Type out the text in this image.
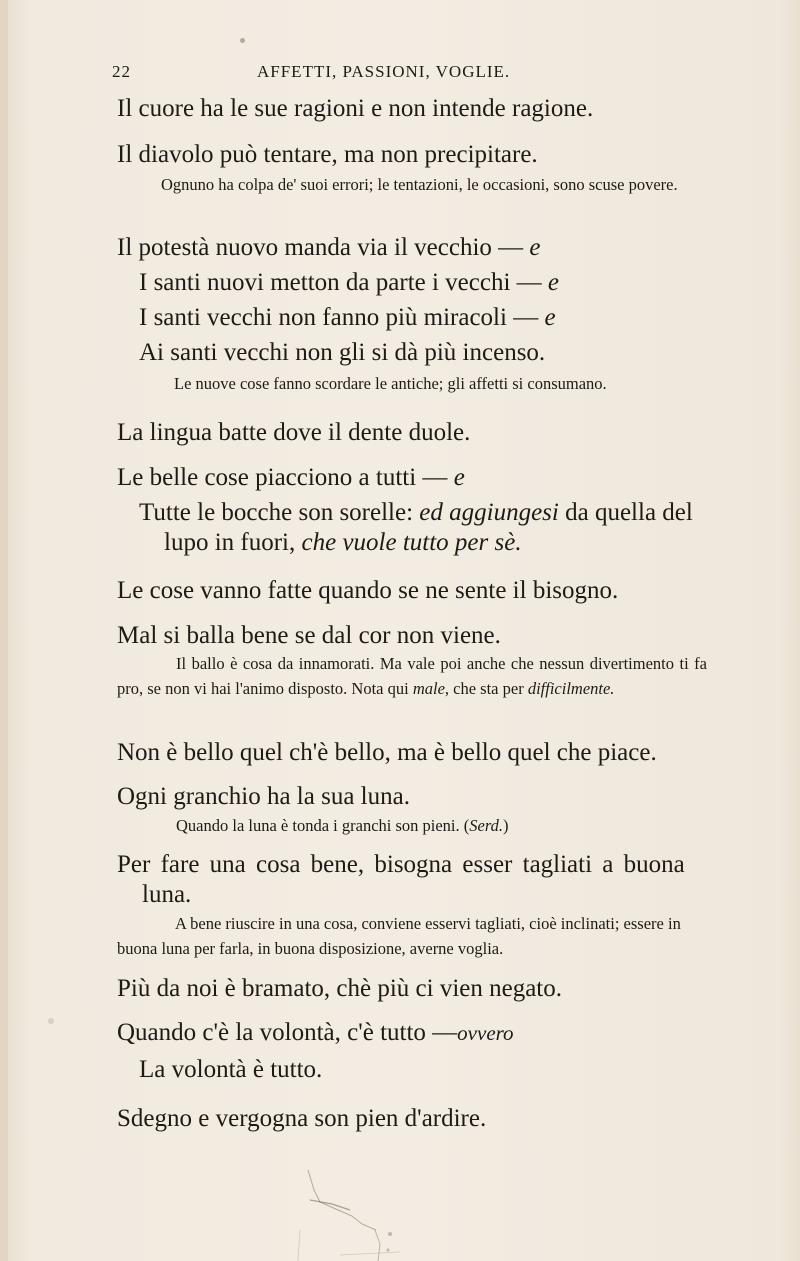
22	AFFETTI, PASSIONI, VOGLIE.
Il cuore ha le sue ragioni e non intende ragione.
Il diavolo può tentare, ma non precipitare.
Ognuno ha colpa de' suoi errori; le tentazioni, le occasioni, sono scuse povere.
Il potestà nuovo manda via il vecchio — e
I santi nuovi metton da parte i vecchi — e
I santi vecchi non fanno più miracoli — e
Ai santi vecchi non gli si dà più incenso.
Le nuove cose fanno scordare le antiche; gli affetti si consumano.
La lingua batte dove il dente duole.
Le belle cose piacciono a tutti — e
Tutte le bocche son sorelle: ed aggiungesi da quella del lupo in fuori, che vuole tutto per sè.
Le cose vanno fatte quando se ne sente il bisogno.
Mal si balla bene se dal cor non viene.
Il ballo è cosa da innamorati. Ma vale poi anche che nessun divertimento ti fa pro, se non vi hai l'animo disposto. Nota qui male, che sta per difficilmente.
Non è bello quel ch'è bello, ma è bello quel che piace.
Ogni granchio ha la sua luna.
Quando la luna è tonda i granchi son pieni. (Serd.)
Per fare una cosa bene, bisogna esser tagliati a buona luna.
A bene riuscire in una cosa, conviene esservi tagliati, cioè inclinati; essere in buona luna per farla, in buona disposizione, averne voglia.
Più da noi è bramato, chè più ci vien negato.
Quando c'è la volontà, c'è tutto —ovvero
La volontà è tutto.
Sdegno e vergogna son pien d'ardire.
